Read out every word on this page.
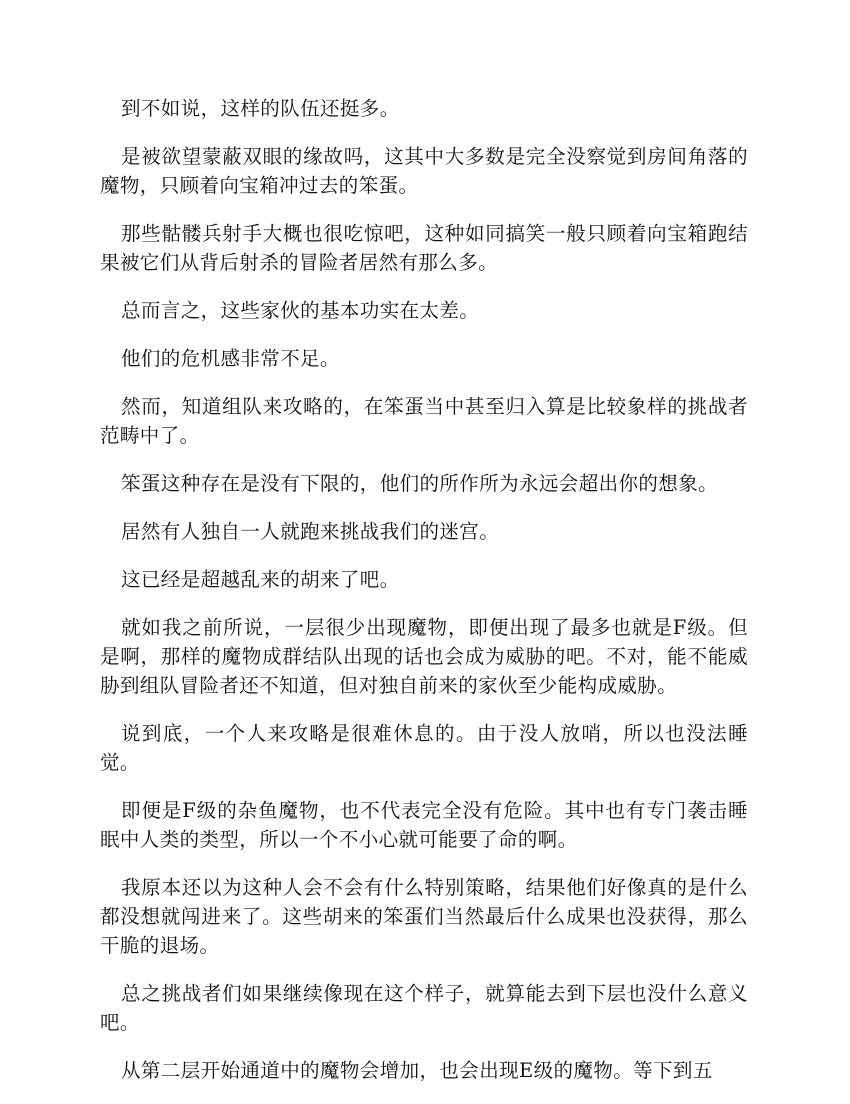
到不如说，这样的队伍还挺多。

是被欲望蒙蔽双眼的缘故吗，这其中大多数是完全没察觉到房间角落的魔物，只顾着向宝箱冲过去的笨蛋。

那些骷髅兵射手大概也很吃惊吧，这种如同搞笑一般只顾着向宝箱跑结果被它们从背后射杀的冒险者居然有那么多。

总而言之，这些家伙的基本功实在太差。

他们的危机感非常不足。

然而，知道组队来攻略的，在笨蛋当中甚至归入算是比较象样的挑战者范畴中了。

笨蛋这种存在是没有下限的，他们的所作所为永远会超出你的想象。

居然有人独自一人就跑来挑战我们的迷宫。

这已经是超越乱来的胡来了吧。

就如我之前所说，一层很少出现魔物，即便出现了最多也就是F级。但是啊，那样的魔物成群结队出现的话也会成为威胁的吧。不对，能不能威胁到组队冒险者还不知道，但对独自前来的家伙至少能构成威胁。

说到底，一个人来攻略是很难休息的。由于没人放哨，所以也没法睡觉。

即便是F级的杂鱼魔物，也不代表完全没有危险。其中也有专门袭击睡眠中人类的类型，所以一个不小心就可能要了命的啊。

我原本还以为这种人会不会有什么特别策略，结果他们好像真的是什么都没想就闯进来了。这些胡来的笨蛋们当然最后什么成果也没获得，那么干脆的退场。

总之挑战者们如果继续像现在这个样子，就算能去到下层也没什么意义吧。

从第二层开始通道中的魔物会增加，也会出现E级的魔物。等下到五
